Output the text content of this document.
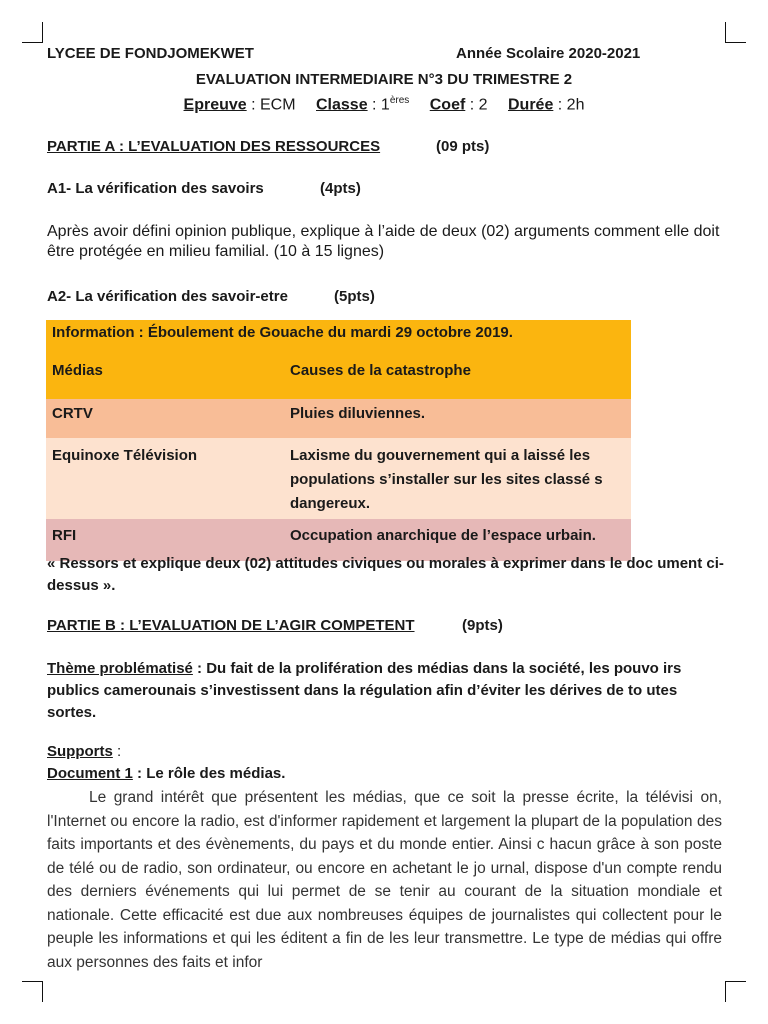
LYCEE DE FONDJOMEKWET	Année Scolaire 2020-2021
EVALUATION INTERMEDIAIRE N°3 DU TRIMESTRE 2
Epreuve : ECM Classe : 1ères Coef : 2 Durée : 2h
PARTIE A : L’EVALUATION DES RESSOURCES	(09 pts)
A1- La vérification des savoirs	(4pts)
Après avoir défini opinion publique, explique à l’aide de deux (02) arguments comment elle doit être protégée en milieu familial. (10 à 15 lignes)
A2- La vérification des savoir-etre	(5pts)
Information : Éboulement de Gouache du mardi 29 octobre 2019.	
Médias	Causes de la catastrophe
CRTV	Pluies diluviennes.
Equinoxe Télévision	Laxisme du gouvernement qui a laissé les populations s’installer sur les sites classé s dangereux.
RFI	Occupation anarchique de l’espace urbain.
« Ressors et explique deux (02) attitudes civiques ou morales à exprimer dans le doc ument ci-dessus ».
PARTIE B : L’EVALUATION DE L’AGIR COMPETENT	(9pts)
Thème problématisé : Du fait de la prolifération des médias dans la société, les pouvo irs publics camerounais s’investissent dans la régulation afin d’éviter les dérives de to utes sortes.
Supports :
Document 1 : Le rôle des médias.
Le grand intérêt que présentent les médias, que ce soit la presse écrite, la télévisi on, l'Internet ou encore la radio, est d'informer rapidement et largement la plupart de la population des faits importants et des évènements, du pays et du monde entier. Ainsi c hacun grâce à son poste de télé ou de radio, son ordinateur, ou encore en achetant le jo urnal, dispose d'un compte rendu des derniers événements qui lui permet de se tenir au courant de la situation mondiale et nationale. Cette efficacité est due aux nombreuses équipes de journalistes qui collectent pour le peuple les informations et qui les éditent a fin de les leur transmettre. Le type de médias qui offre aux personnes des faits et infor
